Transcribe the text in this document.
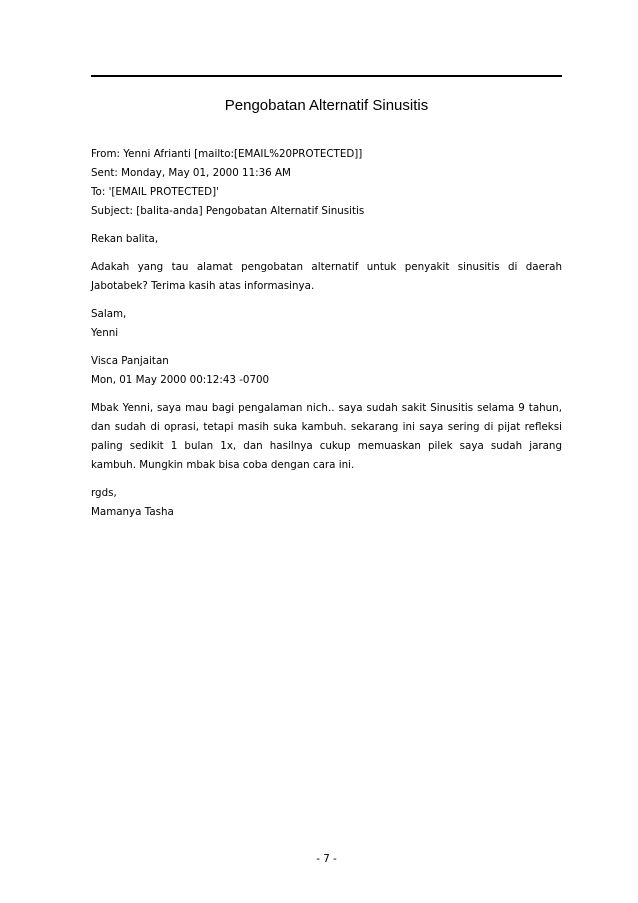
Pengobatan Alternatif Sinusitis
From: Yenni Afrianti [mailto:[EMAIL%20PROTECTED]]
Sent: Monday, May 01, 2000 11:36 AM
To: '[EMAIL PROTECTED]'
Subject: [balita-anda] Pengobatan Alternatif Sinusitis
Rekan balita,
Adakah yang tau alamat pengobatan alternatif untuk penyakit sinusitis di daerah Jabotabek? Terima kasih atas informasinya.
Salam,
Yenni
Visca Panjaitan
Mon, 01 May 2000 00:12:43 -0700
Mbak Yenni, saya mau bagi pengalaman nich.. saya sudah sakit Sinusitis selama 9 tahun, dan sudah di oprasi, tetapi masih suka kambuh. sekarang ini saya sering di pijat refleksi paling sedikit 1 bulan 1x, dan hasilnya cukup memuaskan pilek saya sudah jarang kambuh. Mungkin mbak bisa coba dengan cara ini.
rgds,
Mamanya Tasha
- 7 -
